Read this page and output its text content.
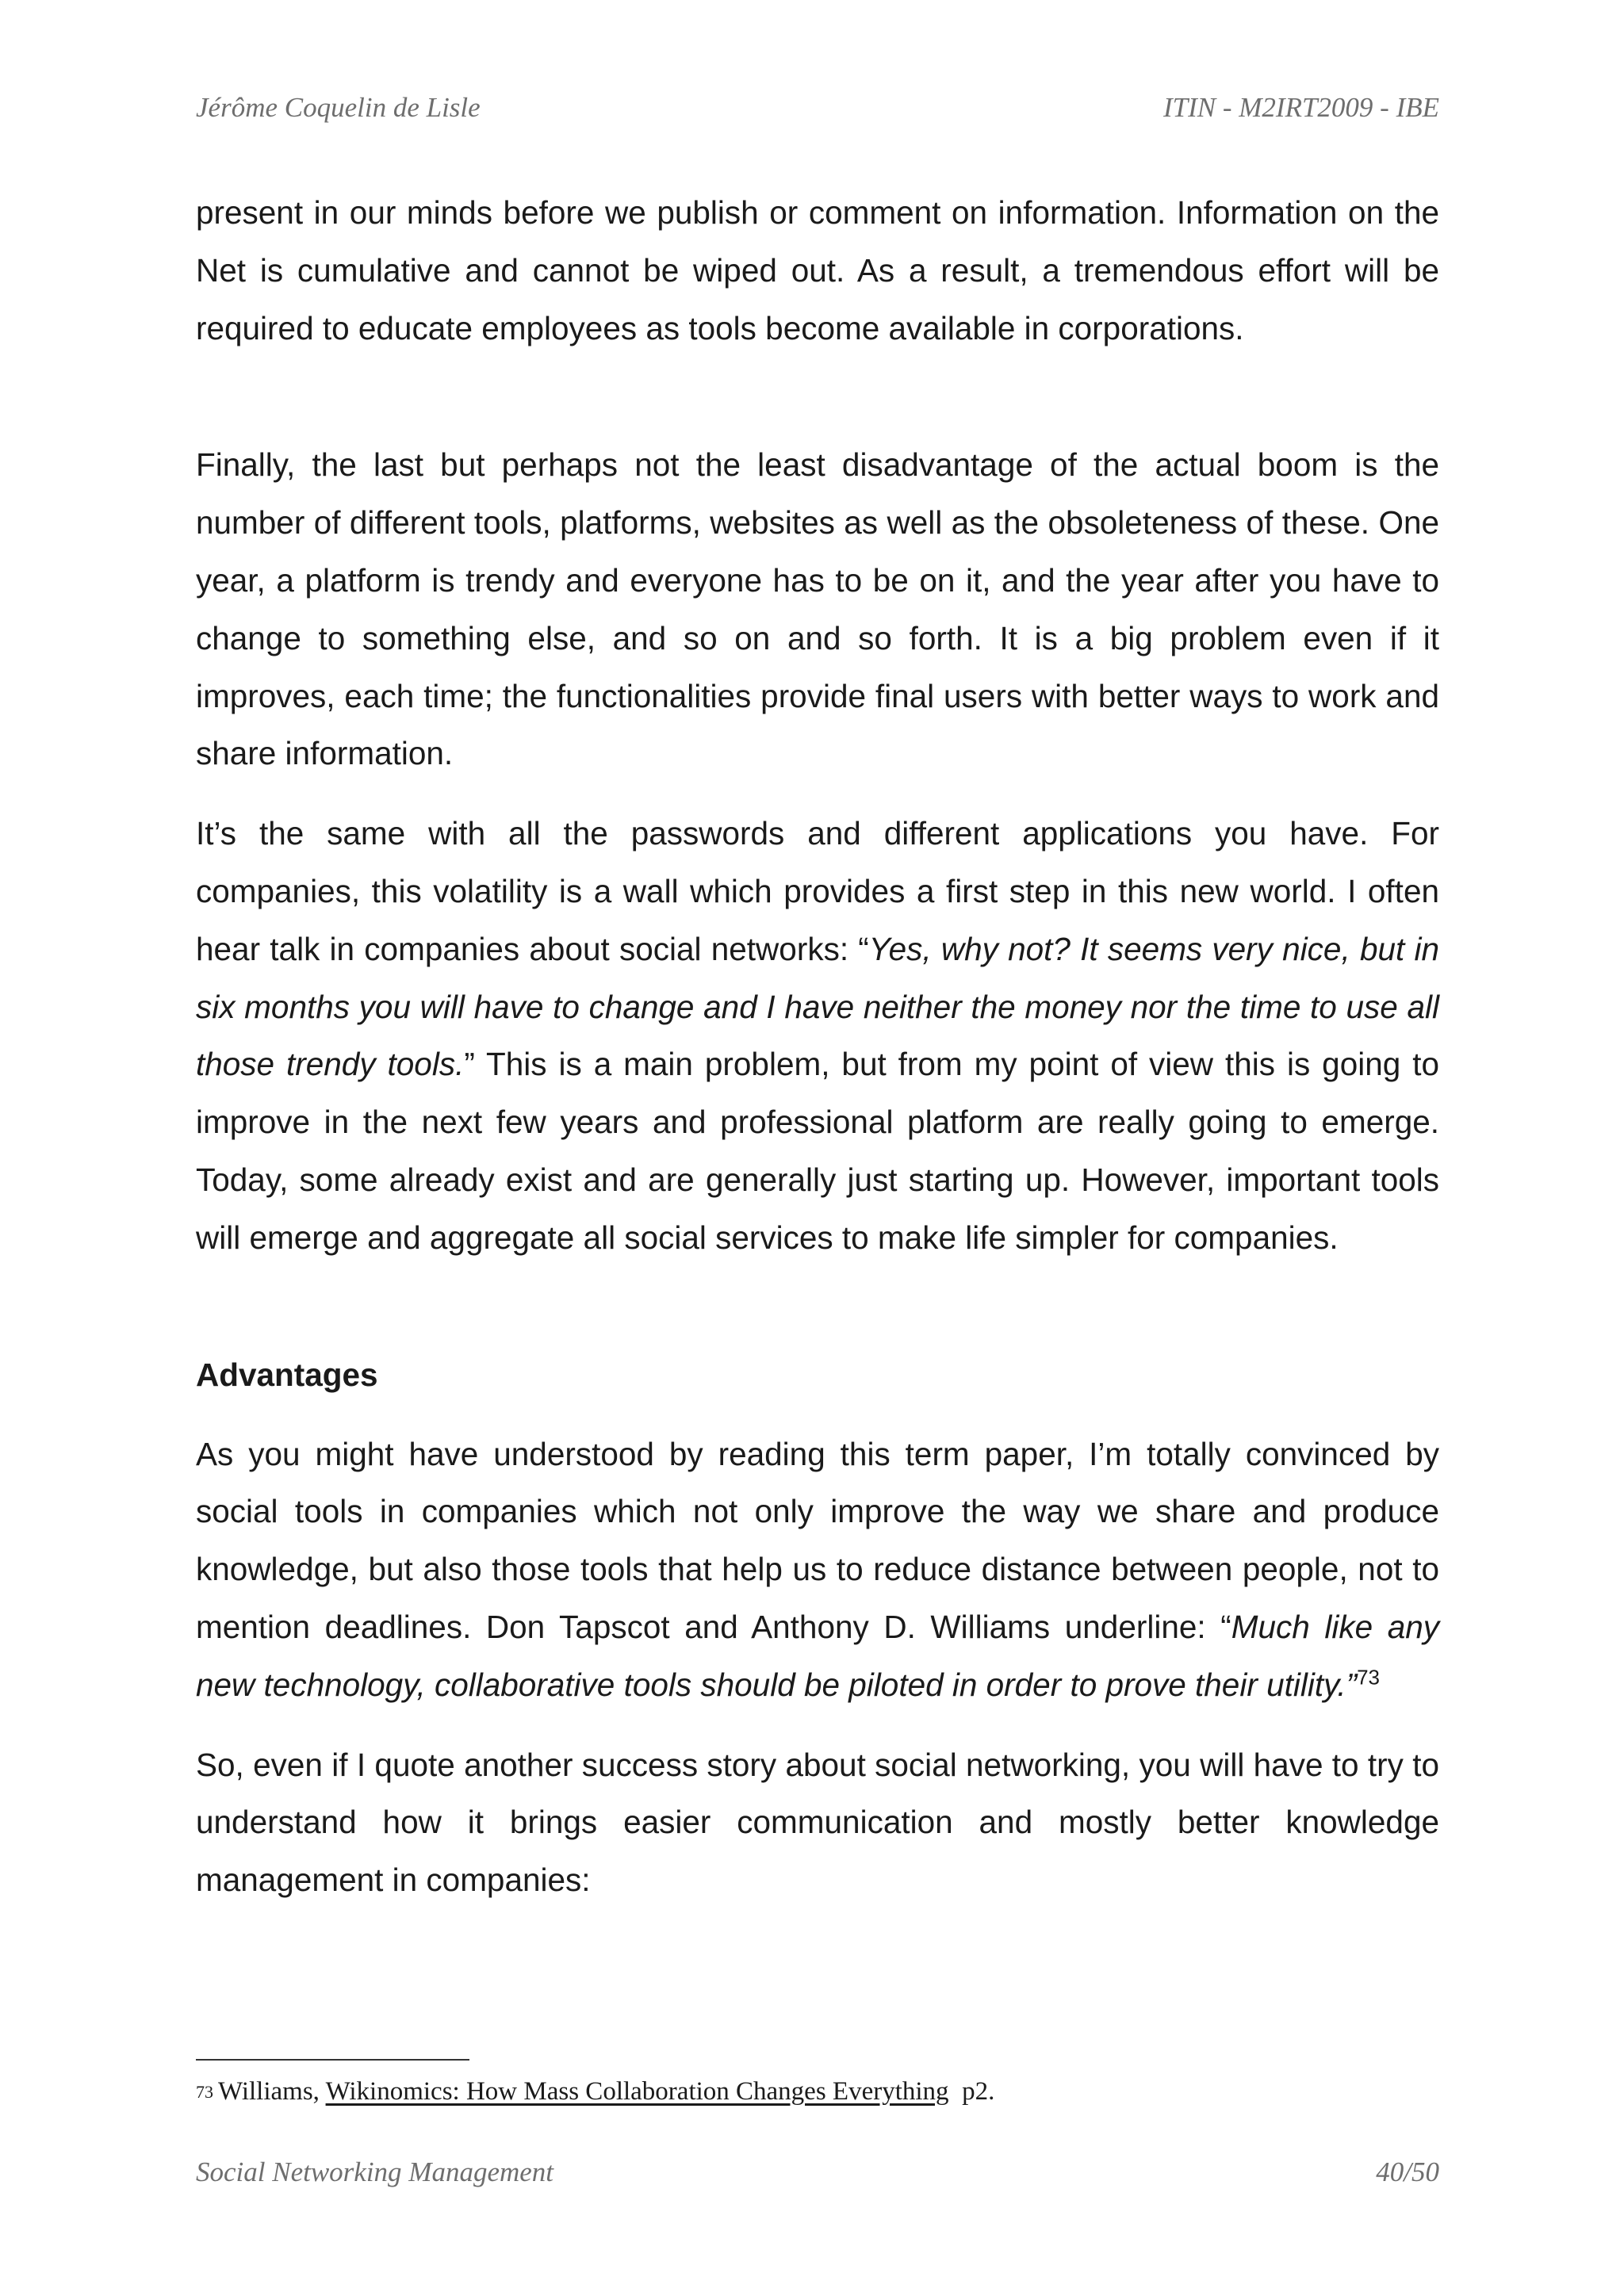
Jérôme Coquelin de Lisle	ITIN - M2IRT2009 - IBE

present in our minds before we publish or comment on information. Information on the Net is cumulative and cannot be wiped out. As a result, a tremendous effort will be required to educate employees as tools become available in corporations.

Finally, the last but perhaps not the least disadvantage of the actual boom is the number of different tools, platforms, websites as well as the obsoleteness of these. One year, a platform is trendy and everyone has to be on it, and the year after you have to change to something else, and so on and so forth. It is a big problem even if it improves, each time; the functionalities provide final users with better ways to work and share information.

It’s the same with all the passwords and different applications you have. For companies, this volatility is a wall which provides a first step in this new world. I often hear talk in companies about social networks: “Yes, why not? It seems very nice, but in six months you will have to change and I have neither the money nor the time to use all those trendy tools.” This is a main problem, but from my point of view this is going to improve in the next few years and professional platform are really going to emerge. Today, some already exist and are generally just starting up. However, important tools will emerge and aggregate all social services to make life simpler for companies.

Advantages

As you might have understood by reading this term paper, I’m totally convinced by social tools in companies which not only improve the way we share and produce knowledge, but also those tools that help us to reduce distance between people, not to mention deadlines. Don Tapscot and Anthony D. Williams underline: “Much like any new technology, collaborative tools should be piloted in order to prove their utility.”$^{73}$

So, even if I quote another success story about social networking, you will have to try to understand how it brings easier communication and mostly better knowledge management in companies:

73 Williams, Wikinomics: How Mass Collaboration Changes Everything  p2.
Social Networking Management	40/50
